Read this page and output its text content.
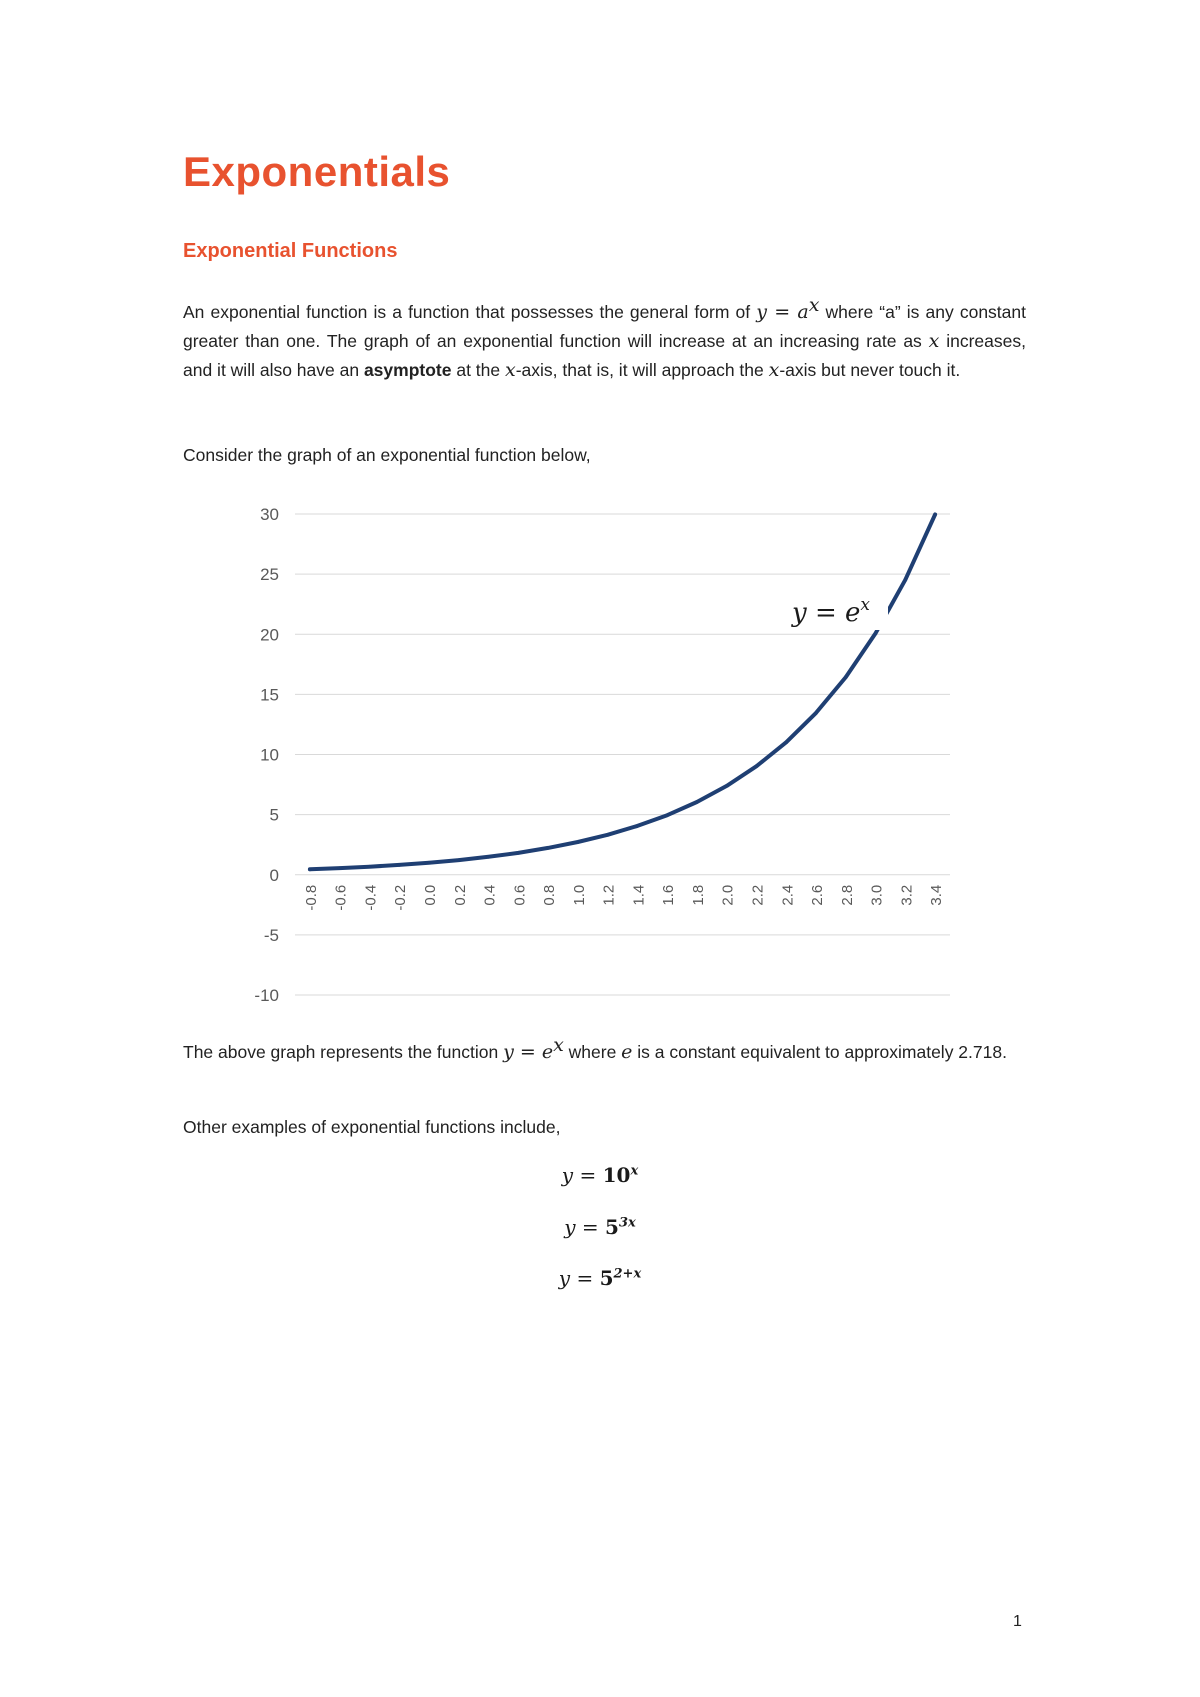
Exponentials
Exponential Functions

An exponential function is a function that possesses the general form of $y = a^x$ where “a” is any constant greater than one. The graph of an exponential function will increase at an increasing rate as x increases, and it will also have an asymptote at the x-axis, that is, it will approach the x-axis but never touch it.

Consider the graph of an exponential function below,

30
25
20
15
10
5
0
-5
-10
-0.8 -0.6 -0.4 -0.2 0.0 0.2 0.4 0.6 0.8 1.0 1.2 1.4 1.6 1.8 2.0 2.2 2.4 2.6 2.8 3.0 3.2 3.4
$y = e^x$

The above graph represents the function $y = e^x$ where e is a constant equivalent to approximately 2.718.

Other examples of exponential functions include,

$y = 10^x$

$y = 5^{3x}$

$y = 5^{2+x}$

1
